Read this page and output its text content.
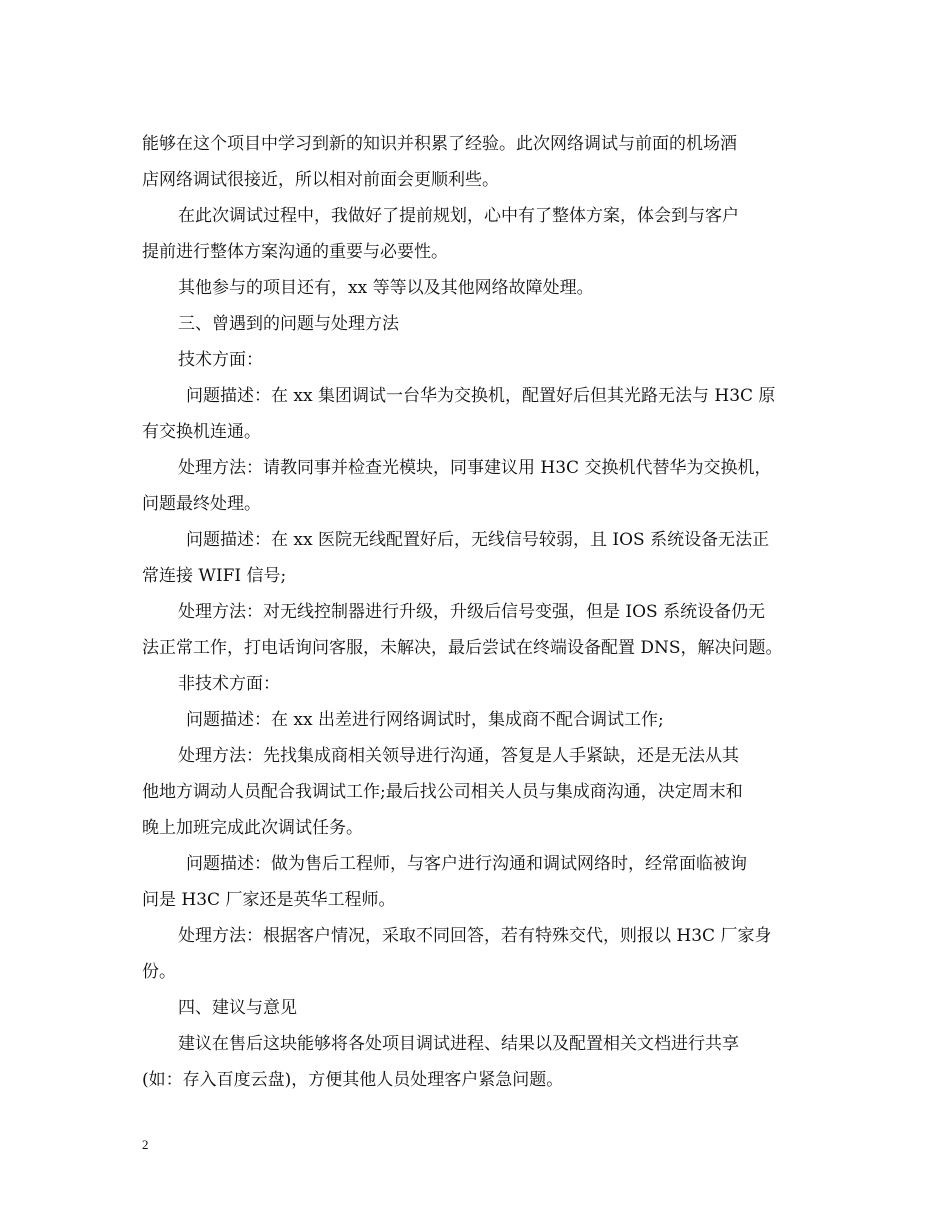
能够在这个项目中学习到新的知识并积累了经验。此次网络调试与前面的机场酒
店网络调试很接近，所以相对前面会更顺利些。
在此次调试过程中，我做好了提前规划，心中有了整体方案，体会到与客户
提前进行整体方案沟通的重要与必要性。
其他参与的项目还有，xx 等等以及其他网络故障处理。
三、曾遇到的问题与处理方法
技术方面：
问题描述：在 xx 集团调试一台华为交换机，配置好后但其光路无法与 H3C 原
有交换机连通。
处理方法：请教同事并检查光模块，同事建议用 H3C 交换机代替华为交换机，
问题最终处理。
问题描述：在 xx 医院无线配置好后，无线信号较弱，且 IOS 系统设备无法正
常连接 WIFI 信号;
处理方法：对无线控制器进行升级，升级后信号变强，但是 IOS 系统设备仍无
法正常工作，打电话询问客服，未解决，最后尝试在终端设备配置 DNS，解决问题。
非技术方面：
问题描述：在 xx 出差进行网络调试时，集成商不配合调试工作;
处理方法：先找集成商相关领导进行沟通，答复是人手紧缺，还是无法从其
他地方调动人员配合我调试工作;最后找公司相关人员与集成商沟通，决定周末和
晚上加班完成此次调试任务。
问题描述：做为售后工程师，与客户进行沟通和调试网络时，经常面临被询
问是 H3C 厂家还是英华工程师。
处理方法：根据客户情况，采取不同回答，若有特殊交代，则报以 H3C 厂家身
份。
四、建议与意见
建议在售后这块能够将各处项目调试进程、结果以及配置相关文档进行共享
(如：存入百度云盘)，方便其他人员处理客户紧急问题。
2
